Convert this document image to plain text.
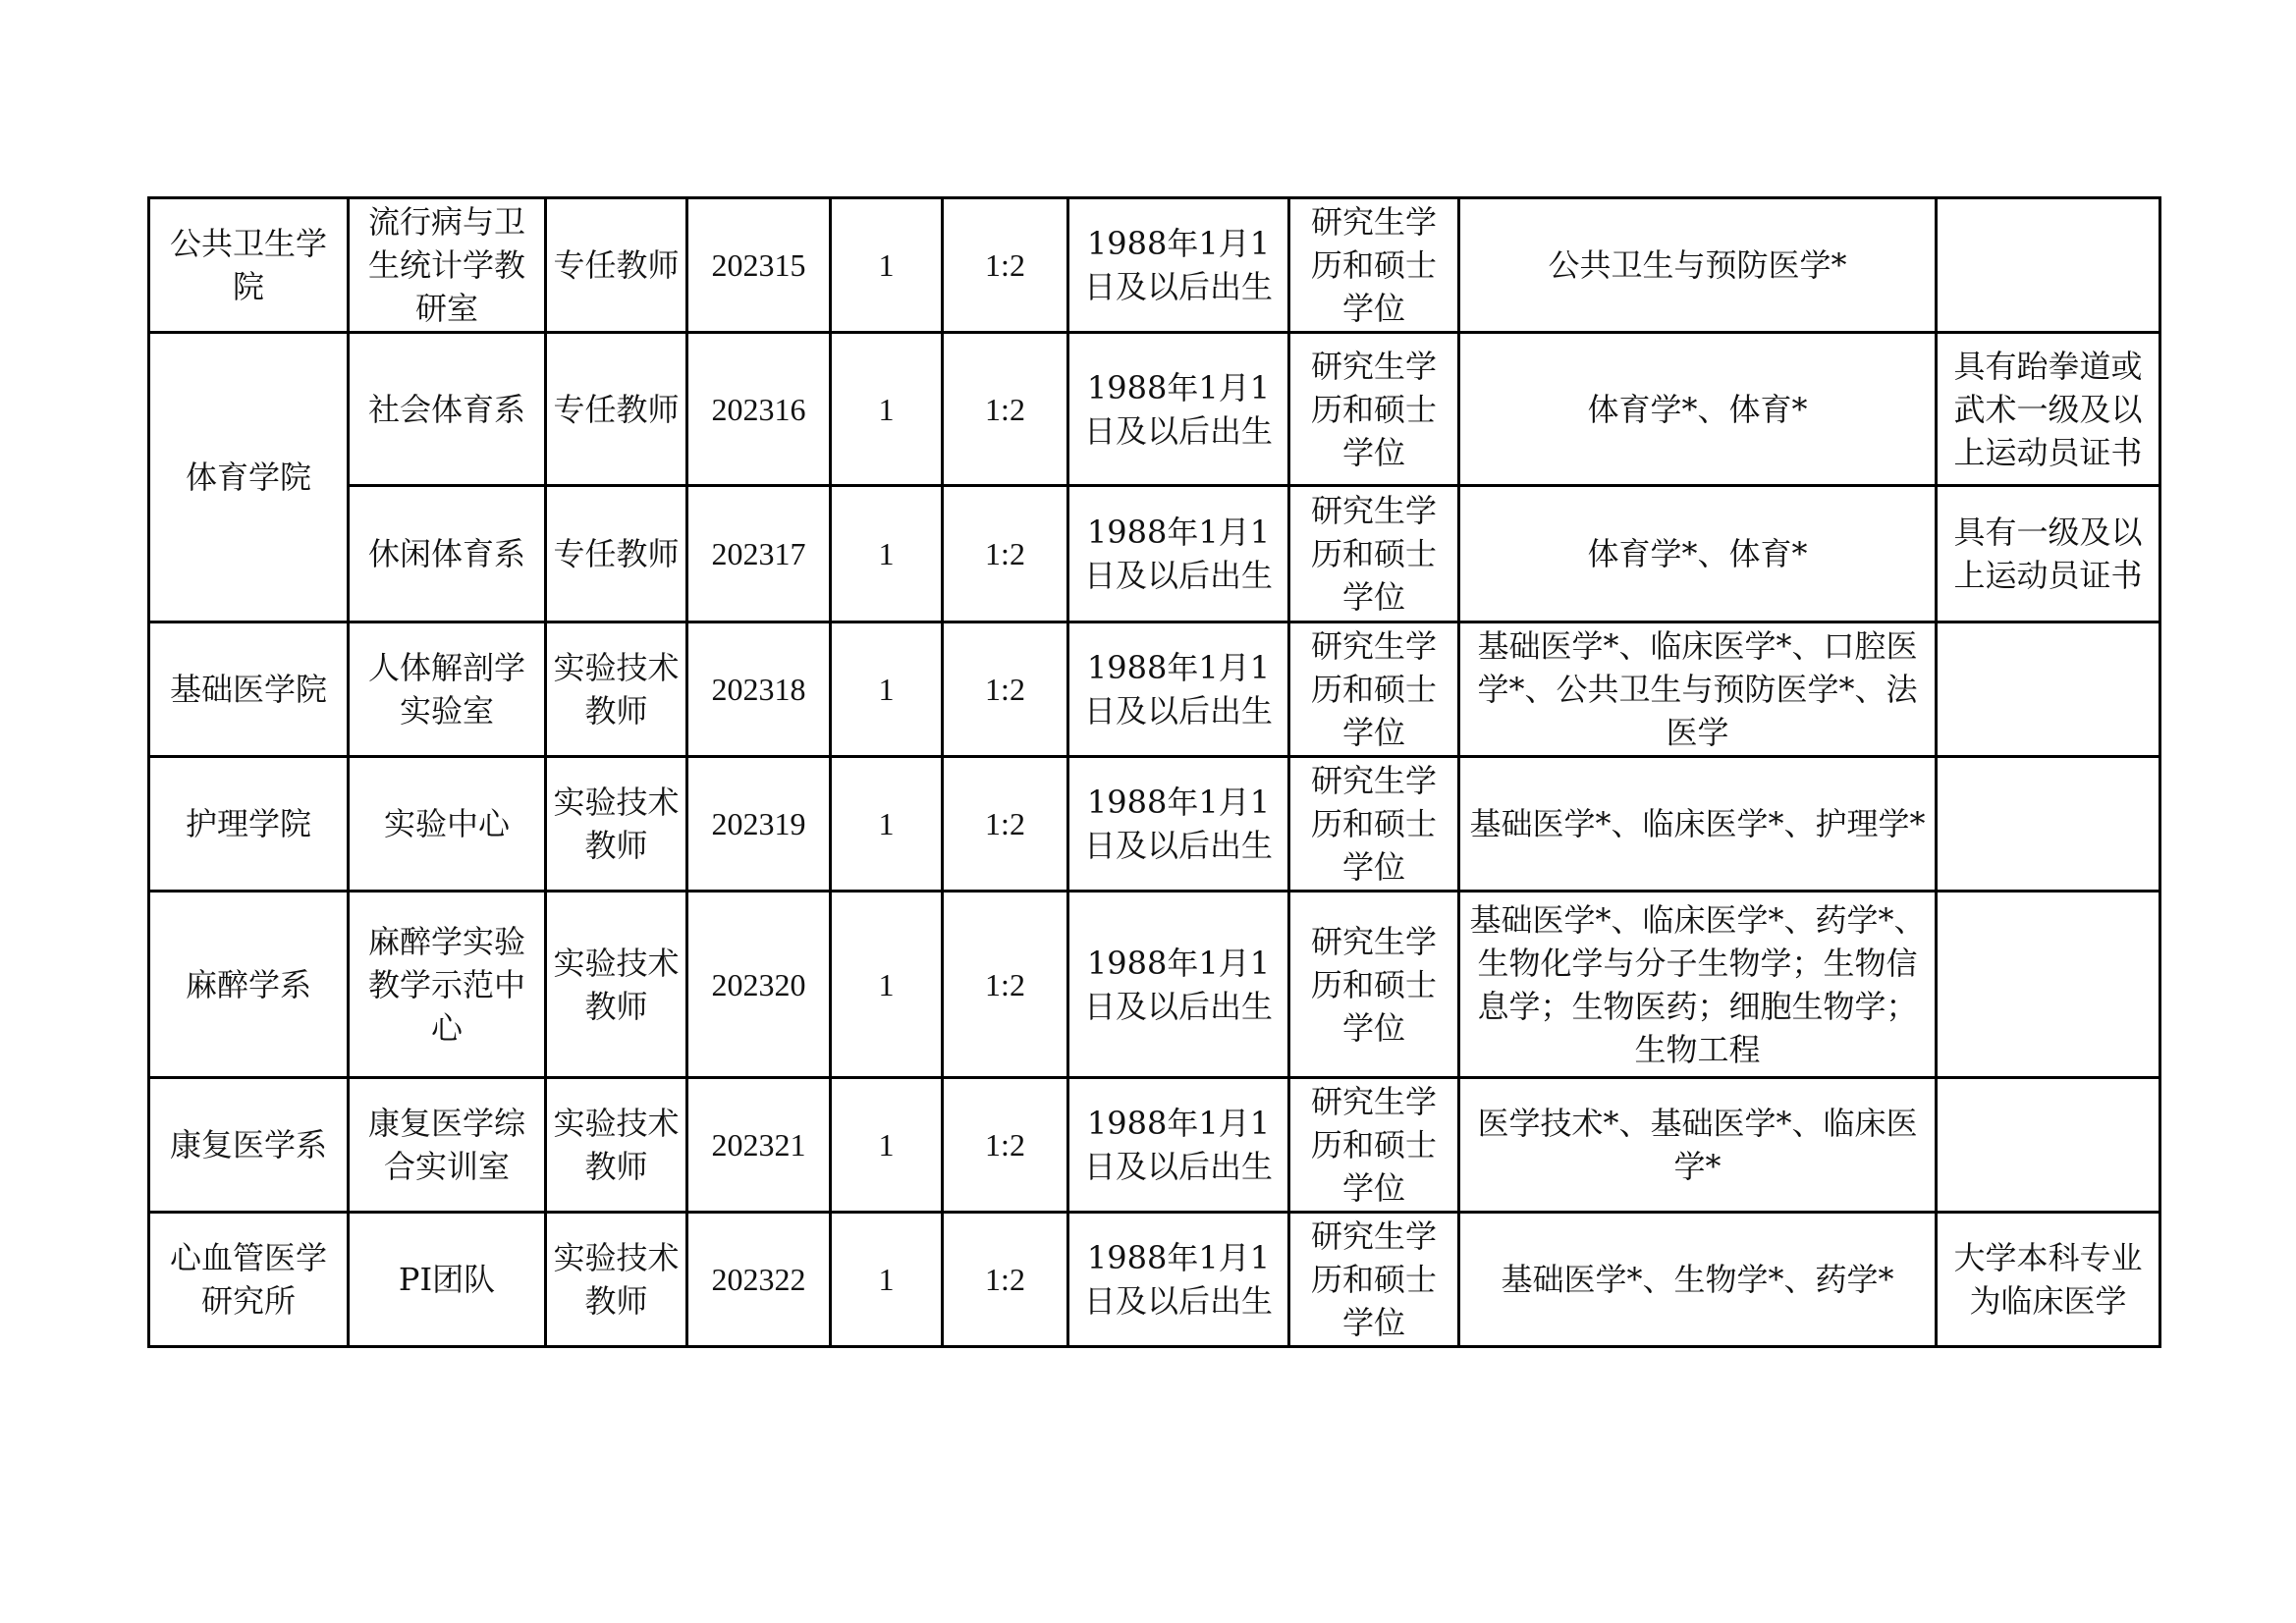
公共卫生学院	流行病与卫生统计学教研室	专任教师	202315	1	1:2	1988年1月1日及以后出生	研究生学历和硕士学位	公共卫生与预防医学*	
体育学院	社会体育系	专任教师	202316	1	1:2	1988年1月1日及以后出生	研究生学历和硕士学位	体育学*、体育*	具有跆拳道或武术一级及以上运动员证书
	休闲体育系	专任教师	202317	1	1:2	1988年1月1日及以后出生	研究生学历和硕士学位	体育学*、体育*	具有一级及以上运动员证书
基础医学院	人体解剖学实验室	实验技术教师	202318	1	1:2	1988年1月1日及以后出生	研究生学历和硕士学位	基础医学*、临床医学*、口腔医学*、公共卫生与预防医学*、法医学	
护理学院	实验中心	实验技术教师	202319	1	1:2	1988年1月1日及以后出生	研究生学历和硕士学位	基础医学*、临床医学*、护理学*	
麻醉学系	麻醉学实验教学示范中心	实验技术教师	202320	1	1:2	1988年1月1日及以后出生	研究生学历和硕士学位	基础医学*、临床医学*、药学*、生物化学与分子生物学；生物信息学；生物医药；细胞生物学；生物工程	
康复医学系	康复医学综合实训室	实验技术教师	202321	1	1:2	1988年1月1日及以后出生	研究生学历和硕士学位	医学技术*、基础医学*、临床医学*	
心血管医学研究所	PI团队	实验技术教师	202322	1	1:2	1988年1月1日及以后出生	研究生学历和硕士学位	基础医学*、生物学*、药学*	大学本科专业为临床医学
